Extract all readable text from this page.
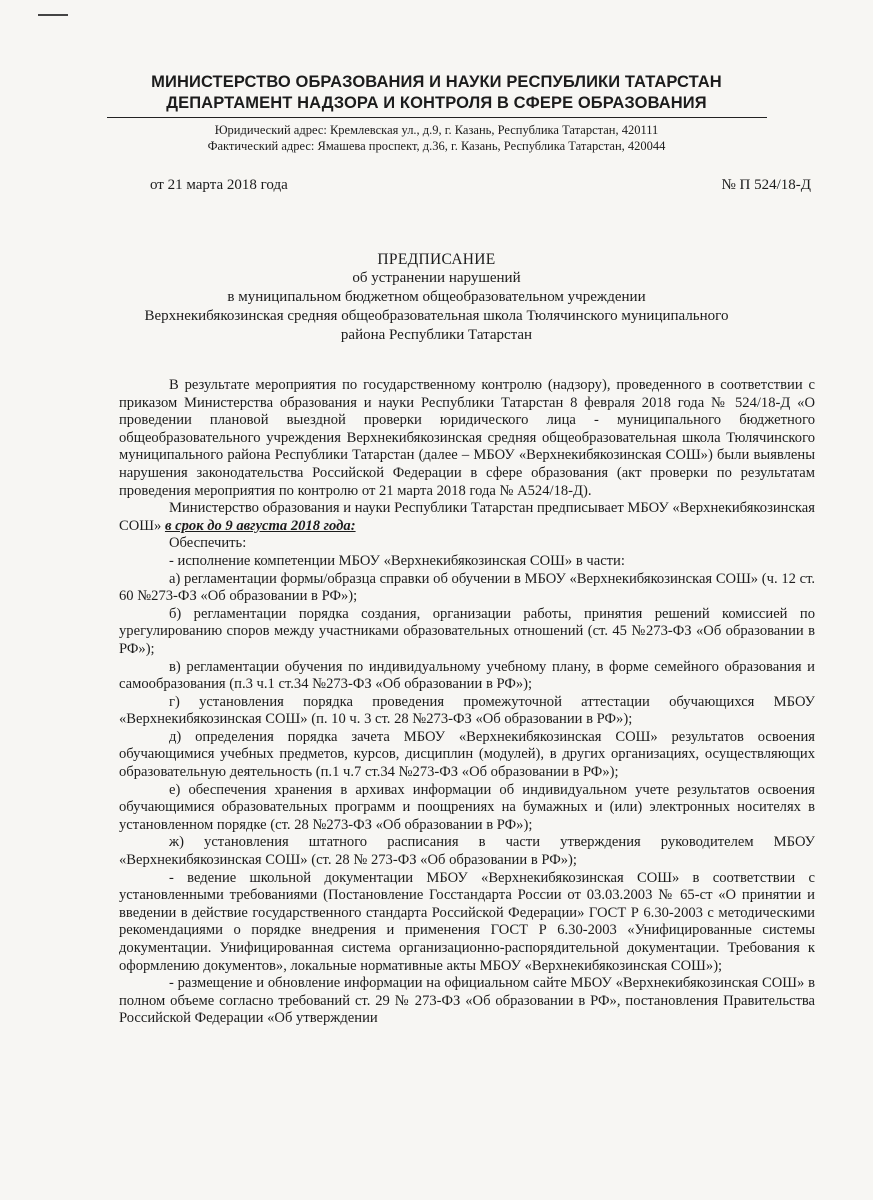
МИНИСТЕРСТВО ОБРАЗОВАНИЯ И НАУКИ РЕСПУБЛИКИ ТАТАРСТАН
ДЕПАРТАМЕНТ НАДЗОРА И КОНТРОЛЯ В СФЕРЕ ОБРАЗОВАНИЯ
Юридический адрес: Кремлевская ул., д.9, г. Казань, Республика Татарстан, 420111
Фактический адрес: Ямашева проспект, д.36, г. Казань, Республика Татарстан, 420044
от 21 марта 2018 года	№ П 524/18-Д
ПРЕДПИСАНИЕ
об устранении нарушений
в муниципальном бюджетном общеобразовательном учреждении
Верхнекибякозинская средняя общеобразовательная школа Тюлячинского муниципального
района Республики Татарстан

В результате мероприятия по государственному контролю (надзору), проведенного в соответствии с приказом Министерства образования и науки Республики Татарстан 8 февраля 2018 года № 524/18-Д «О проведении плановой выездной проверки юридического лица - муниципального бюджетного общеобразовательного учреждения Верхнекибякозинская средняя общеобразовательная школа Тюлячинского муниципального района Республики Татарстан (далее – МБОУ «Верхнекибякозинская СОШ») были выявлены нарушения законодательства Российской Федерации в сфере образования (акт проверки по результатам проведения мероприятия по контролю от 21 марта 2018 года № А524/18-Д).

Министерство образования и науки Республики Татарстан предписывает МБОУ «Верхнекибякозинская СОШ» в срок до 9 августа 2018 года:

Обеспечить:

- исполнение компетенции МБОУ «Верхнекибякозинская СОШ» в части:

а) регламентации формы/образца справки об обучении в МБОУ «Верхнекибякозинская СОШ» (ч. 12 ст. 60 №273-ФЗ «Об образовании в РФ»);

б) регламентации порядка создания, организации работы, принятия решений комиссией по урегулированию споров между участниками образовательных отношений (ст. 45 №273-ФЗ «Об образовании в РФ»);

в) регламентации обучения по индивидуальному учебному плану, в форме семейного образования и самообразования (п.3 ч.1 ст.34 №273-ФЗ «Об образовании в РФ»);

г) установления порядка проведения промежуточной аттестации обучающихся МБОУ «Верхнекибякозинская СОШ» (п. 10 ч. 3 ст. 28 №273-ФЗ «Об образовании в РФ»);

д) определения порядка зачета МБОУ «Верхнекибякозинская СОШ» результатов освоения обучающимися учебных предметов, курсов, дисциплин (модулей), в других организациях, осуществляющих образовательную деятельность (п.1 ч.7 ст.34 №273-ФЗ «Об образовании в РФ»);

е) обеспечения хранения в архивах информации об индивидуальном учете результатов освоения обучающимися образовательных программ и поощрениях на бумажных и (или) электронных носителях в установленном порядке (ст. 28 №273-ФЗ «Об образовании в РФ»);

ж) установления штатного расписания в части утверждения руководителем МБОУ «Верхнекибякозинская СОШ» (ст. 28 № 273-ФЗ «Об образовании в РФ»);

- ведение школьной документации МБОУ «Верхнекибякозинская СОШ» в соответствии с установленными требованиями (Постановление Госстандарта России от 03.03.2003 № 65-ст «О принятии и введении в действие государственного стандарта Российской Федерации» ГОСТ Р 6.30-2003 с методическими рекомендациями о порядке внедрения и применения ГОСТ Р 6.30-2003 «Унифицированные системы документации. Унифицированная система организационно-распорядительной документации. Требования к оформлению документов», локальные нормативные акты МБОУ «Верхнекибякозинская СОШ»);

- размещение и обновление информации на официальном сайте МБОУ «Верхнекибякозинская СОШ» в полном объеме согласно требований ст. 29 № 273-ФЗ «Об образовании в РФ», постановления Правительства Российской Федерации «Об утверждении
